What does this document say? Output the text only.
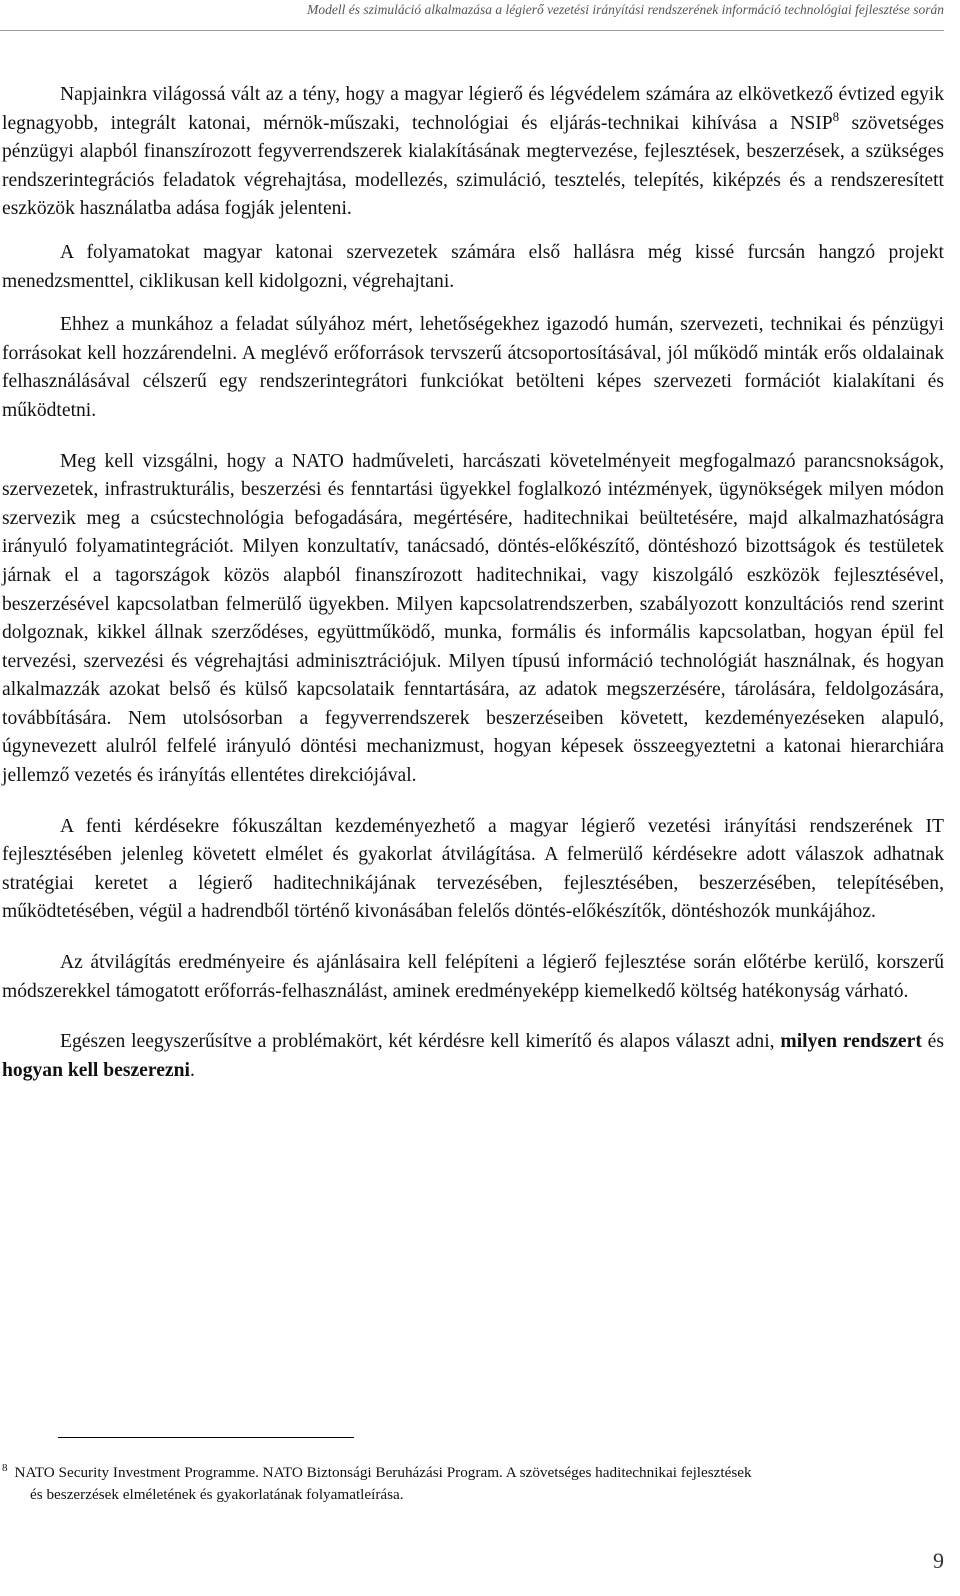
Modell és szimuláció alkalmazása a légierő vezetési irányítási rendszerének információ technológiai fejlesztése során

Napjainkra világossá vált az a tény, hogy a magyar légierő és légvédelem számára az elkövetkező évtized egyik legnagyobb, integrált katonai, mérnök-műszaki, technológiai és eljárás-technikai kihívása a NSIP$^8$ szövetséges pénzügyi alapból finanszírozott fegyverrendszerek kialakításának megtervezése, fejlesztések, beszerzések, a szükséges rendszerintegrációs feladatok végrehajtása, modellezés, szimuláció, tesztelés, telepítés, kiképzés és a rendszeresített eszközök használatba adása fogják jelenteni.

A folyamatokat magyar katonai szervezetek számára első hallásra még kissé furcsán hangzó projekt menedzsmenttel, ciklikusan kell kidolgozni, végrehajtani.

Ehhez a munkához a feladat súlyához mért, lehetőségekhez igazodó humán, szervezeti, technikai és pénzügyi forrásokat kell hozzárendelni. A meglévő erőforrások tervszerű átcsoportosításával, jól működő minták erős oldalainak felhasználásával célszerű egy rendszerintegrátori funkciókat betölteni képes szervezeti formációt kialakítani és működtetni.

Meg kell vizsgálni, hogy a NATO hadműveleti, harcászati követelményeit megfogalmazó parancsnokságok, szervezetek, infrastrukturális, beszerzési és fenntartási ügyekkel foglalkozó intézmények, ügynökségek milyen módon szervezik meg a csúcstechnológia befogadására, megértésére, haditechnikai beültetésére, majd alkalmazhatóságra irányuló folyamatintegrációt. Milyen konzultatív, tanácsadó, döntés-előkészítő, döntéshozó bizottságok és testületek járnak el a tagországok közös alapból finanszírozott haditechnikai, vagy kiszolgáló eszközök fejlesztésével, beszerzésével kapcsolatban felmerülő ügyekben. Milyen kapcsolatrendszerben, szabályozott konzultációs rend szerint dolgoznak, kikkel állnak szerződéses, együttműködő, munka, formális és informális kapcsolatban, hogyan épül fel tervezési, szervezési és végrehajtási adminisztrációjuk. Milyen típusú információ technológiát használnak, és hogyan alkalmazzák azokat belső és külső kapcsolataik fenntartására, az adatok megszerzésére, tárolására, feldolgozására, továbbítására. Nem utolsósorban a fegyverrendszerek beszerzéseiben követett, kezdeményezéseken alapuló, úgynevezett alulról felfelé irányuló döntési mechanizmust, hogyan képesek összeegyeztetni a katonai hierarchiára jellemző vezetés és irányítás ellentétes direkciójával.

A fenti kérdésekre fókuszáltan kezdeményezhető a magyar légierő vezetési irányítási rendszerének IT fejlesztésében jelenleg követett elmélet és gyakorlat átvilágítása. A felmerülő kérdésekre adott válaszok adhatnak stratégiai keretet a légierő haditechnikájának tervezésében, fejlesztésében, beszerzésében, telepítésében, működtetésében, végül a hadrendből történő kivonásában felelős döntés-előkészítők, döntéshozók munkájához.

Az átvilágítás eredményeire és ajánlásaira kell felépíteni a légierő fejlesztése során előtérbe kerülő, korszerű módszerekkel támogatott erőforrás-felhasználást, aminek eredményeképp kiemelkedő költség hatékonyság várható.

Egészen leegyszerűsítve a problémakört, két kérdésre kell kimerítő és alapos választ adni, milyen rendszert és hogyan kell beszerezni.

$^8$ NATO Security Investment Programme. NATO Biztonsági Beruházási Program. A szövetséges haditechnikai fejlesztések
és beszerzések elméletének és gyakorlatának folyamatleírása.
9
